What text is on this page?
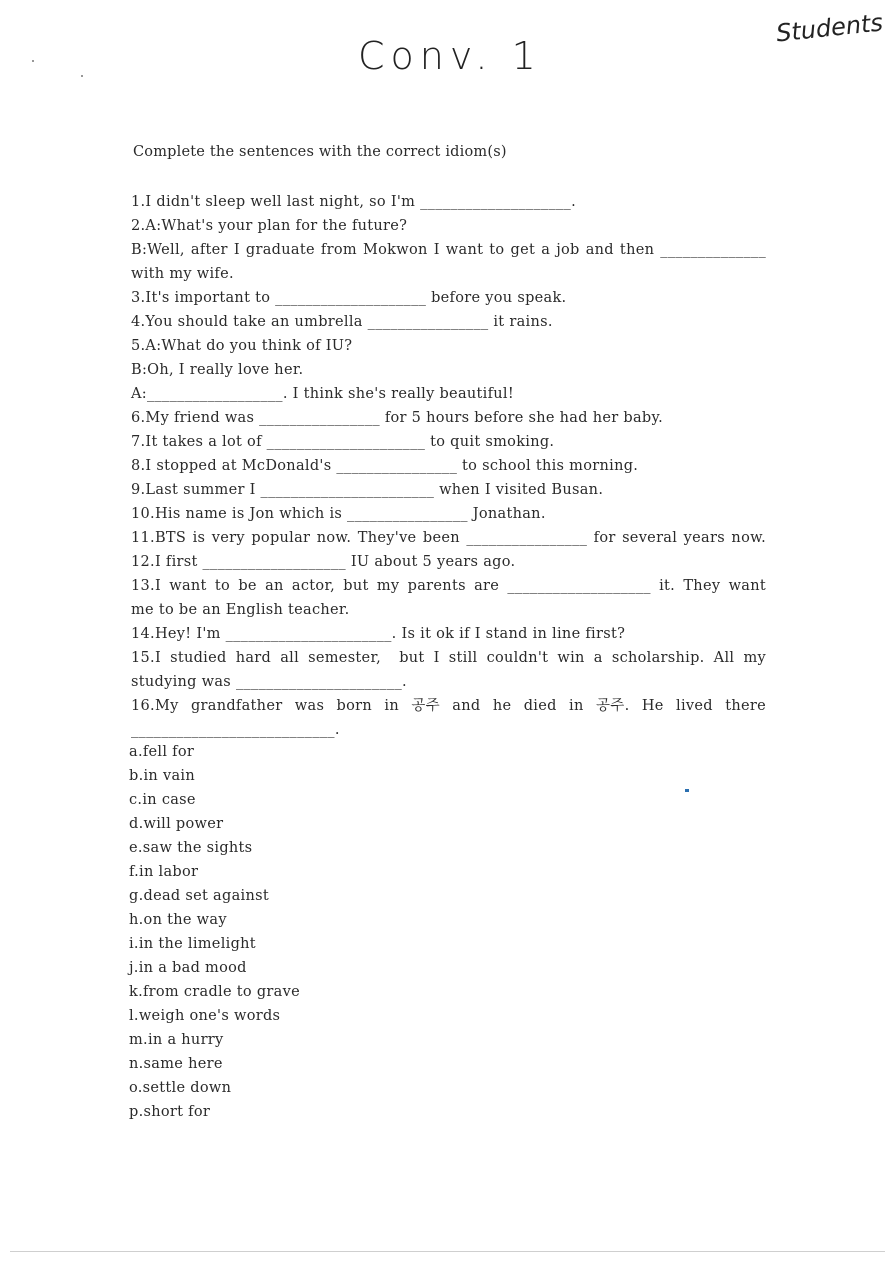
Conv. 1
Students
Complete the sentences with the correct idiom(s)
1.I didn't sleep well last night, so I'm ____________________.
2.A:What's your plan for the future?
B:Well, after I graduate from Mokwon I want to get a job and then ______________
with my wife.
3.It's important to ____________________ before you speak.
4.You should take an umbrella ________________ it rains.
5.A:What do you think of IU?
B:Oh, I really love her.
A:__________________. I think she's really beautiful!
6.My friend was ________________ for 5 hours before she had her baby.
7.It takes a lot of _____________________ to quit smoking.
8.I stopped at McDonald's ________________ to school this morning.
9.Last summer I _______________________ when I visited Busan.
10.His name is Jon which is ________________ Jonathan.
11.BTS is very popular now. They've been ________________ for several years now.
12.I first ___________________ IU about 5 years ago.
13.I want to be an actor, but my parents are ___________________ it. They want
me to be an English teacher.
14.Hey! I'm ______________________. Is it ok if I stand in line first?
15.I studied hard all semester,  but I still couldn't win a scholarship. All my
studying was ______________________.
16.My grandfather was born in 공주 and he died in 공주. He lived there
___________________________.
a.fell for
b.in vain
c.in case
d.will power
e.saw the sights
f.in labor
g.dead set against
h.on the way
i.in the limelight
j.in a bad mood
k.from cradle to grave
l.weigh one's words
m.in a hurry
n.same here
o.settle down
p.short for
